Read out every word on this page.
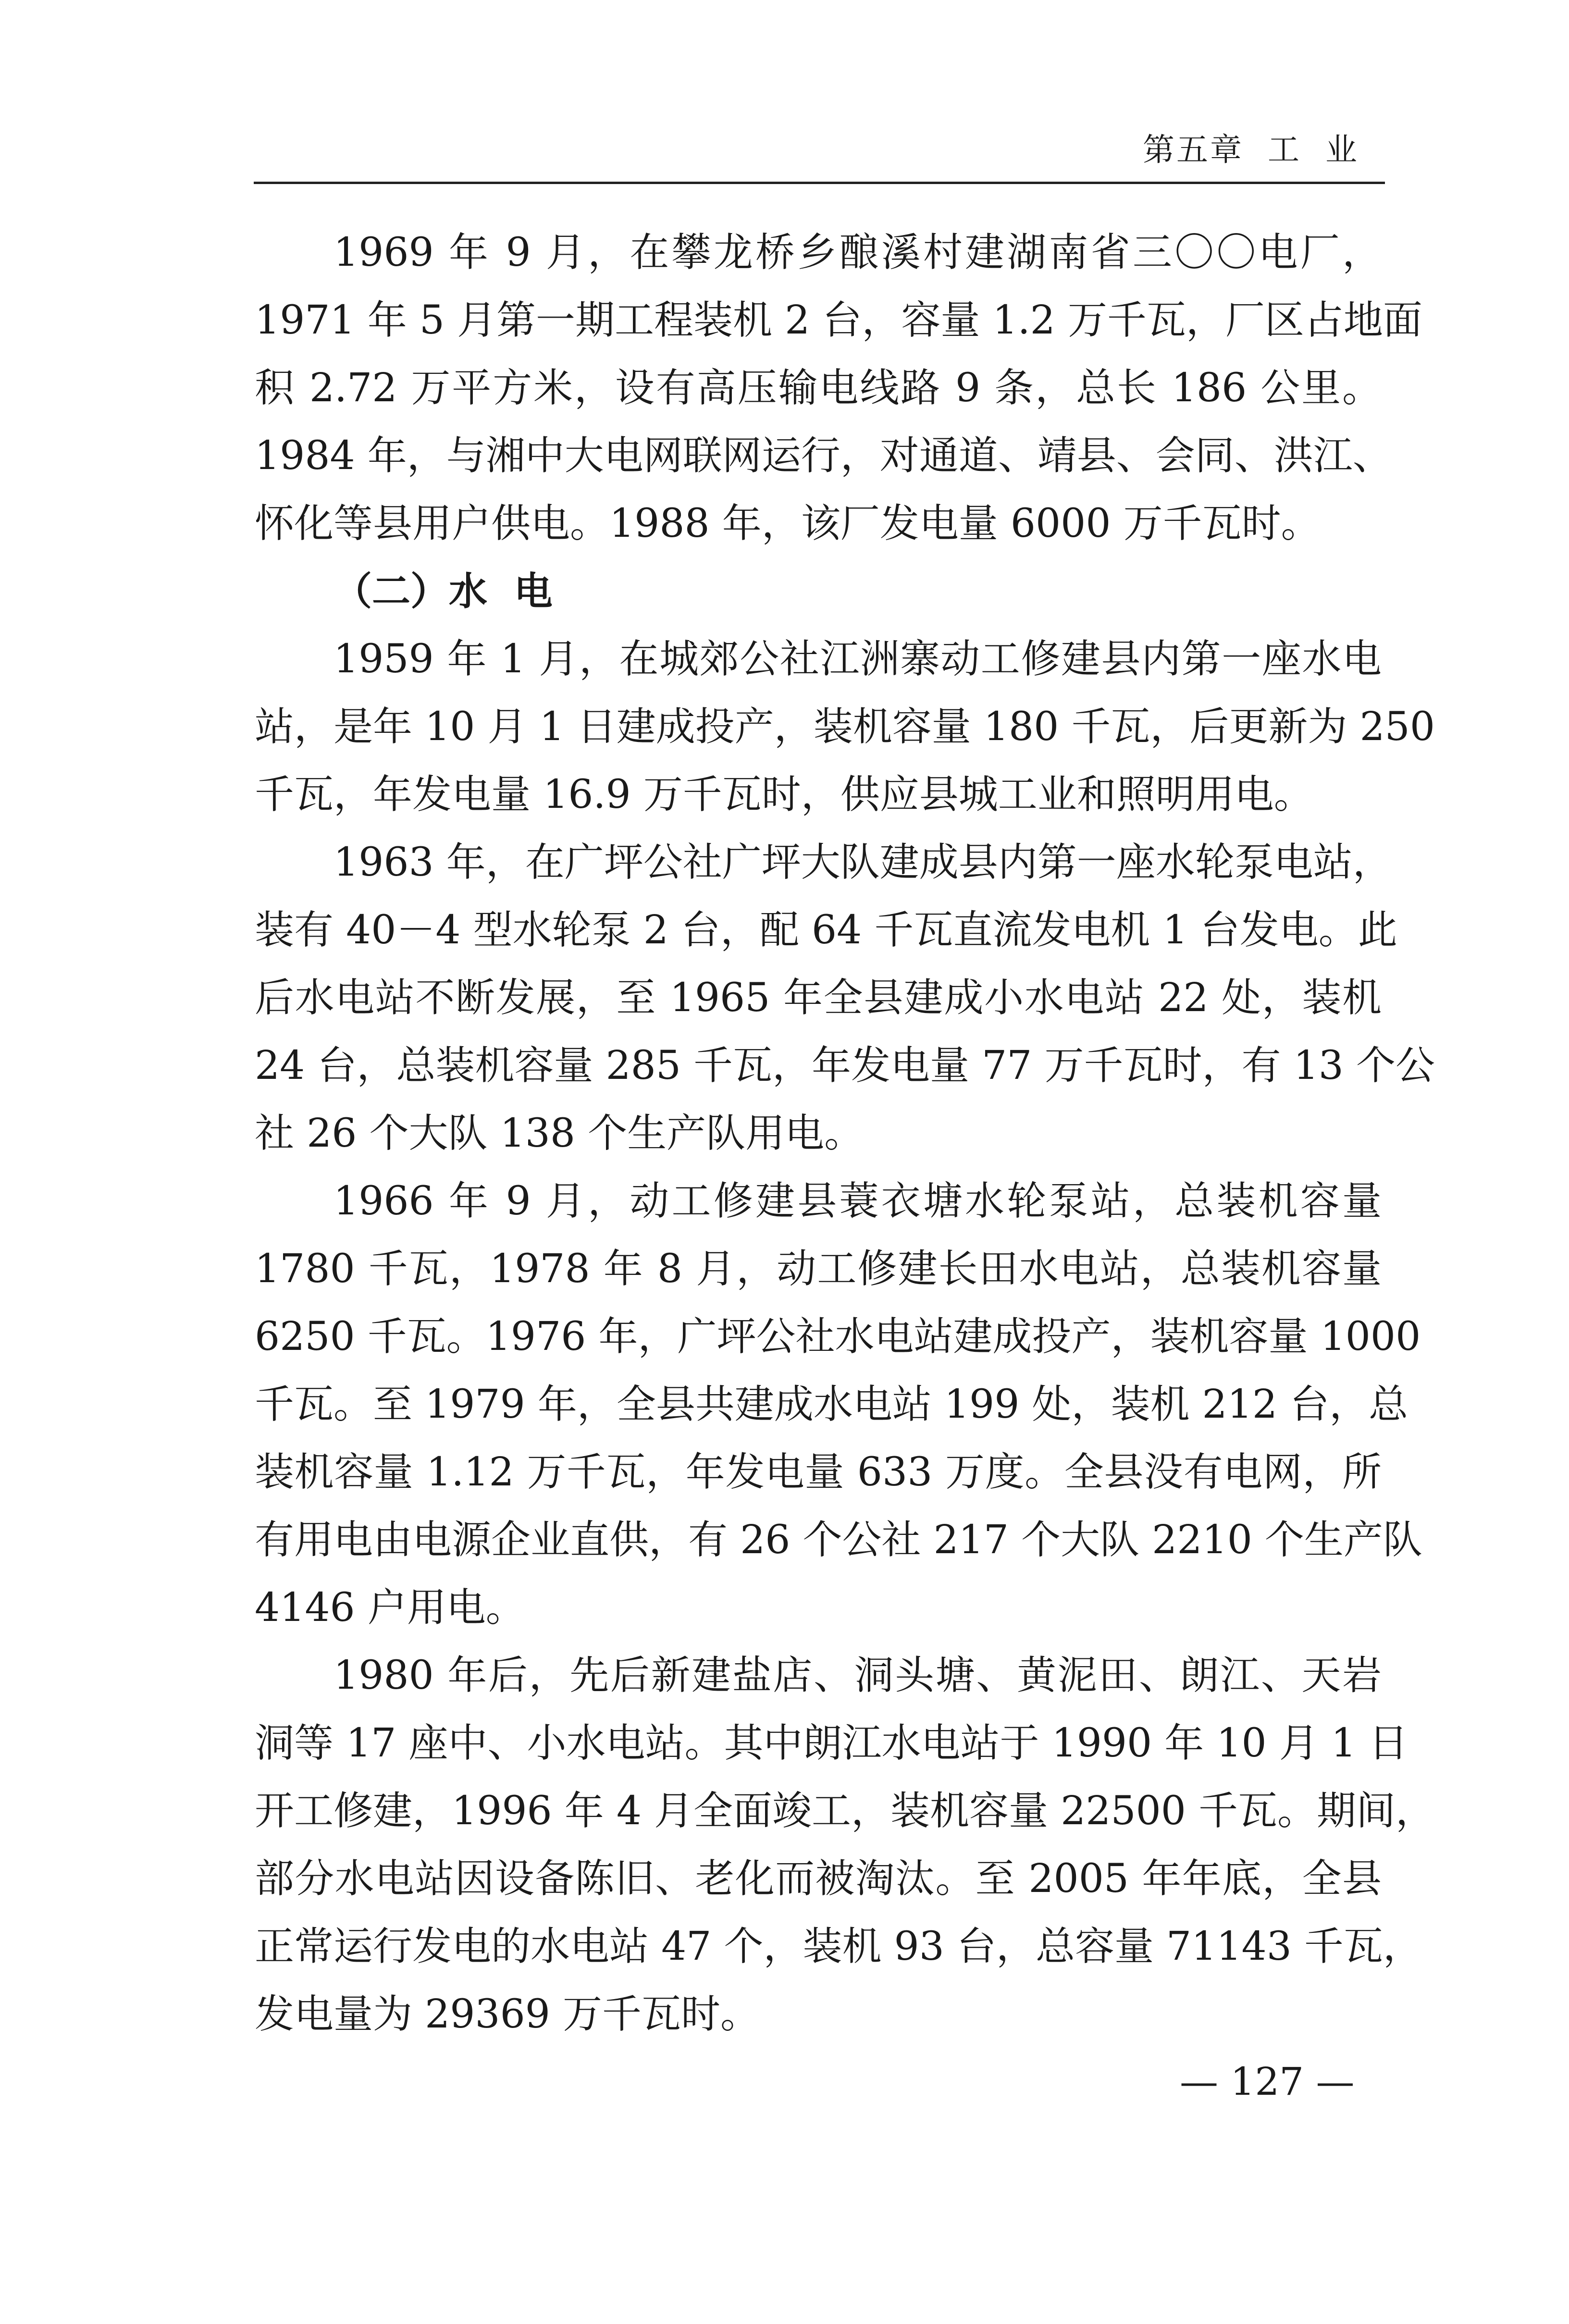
第五章  工  业
1969 年 9 月，在攀龙桥乡酿溪村建湖南省三〇〇电厂，
1971 年 5 月第一期工程装机 2 台，容量 1.2 万千瓦，厂区占地面
积 2.72 万平方米，设有高压输电线路 9 条，总长 186 公里。
1984 年，与湘中大电网联网运行，对通道、靖县、会同、洪江、
怀化等县用户供电。1988 年，该厂发电量 6000 万千瓦时。
（二）水  电
1959 年 1 月，在城郊公社江洲寨动工修建县内第一座水电
站，是年 10 月 1 日建成投产，装机容量 180 千瓦，后更新为 250
千瓦，年发电量 16.9 万千瓦时，供应县城工业和照明用电。
1963 年，在广坪公社广坪大队建成县内第一座水轮泵电站，
装有 40－4 型水轮泵 2 台，配 64 千瓦直流发电机 1 台发电。此
后水电站不断发展，至 1965 年全县建成小水电站 22 处，装机
24 台，总装机容量 285 千瓦，年发电量 77 万千瓦时，有 13 个公
社 26 个大队 138 个生产队用电。
1966 年 9 月，动工修建县蓑衣塘水轮泵站，总装机容量
1780 千瓦，1978 年 8 月，动工修建长田水电站，总装机容量
6250 千瓦。1976 年，广坪公社水电站建成投产，装机容量 1000
千瓦。至 1979 年，全县共建成水电站 199 处，装机 212 台，总
装机容量 1.12 万千瓦，年发电量 633 万度。全县没有电网，所
有用电由电源企业直供，有 26 个公社 217 个大队 2210 个生产队
4146 户用电。
1980 年后，先后新建盐店、洞头塘、黄泥田、朗江、天岩
洞等 17 座中、小水电站。其中朗江水电站于 1990 年 10 月 1 日
开工修建，1996 年 4 月全面竣工，装机容量 22500 千瓦。期间，
部分水电站因设备陈旧、老化而被淘汰。至 2005 年年底，全县
正常运行发电的水电站 47 个，装机 93 台，总容量 71143 千瓦，
发电量为 29369 万千瓦时。
— 127 —
